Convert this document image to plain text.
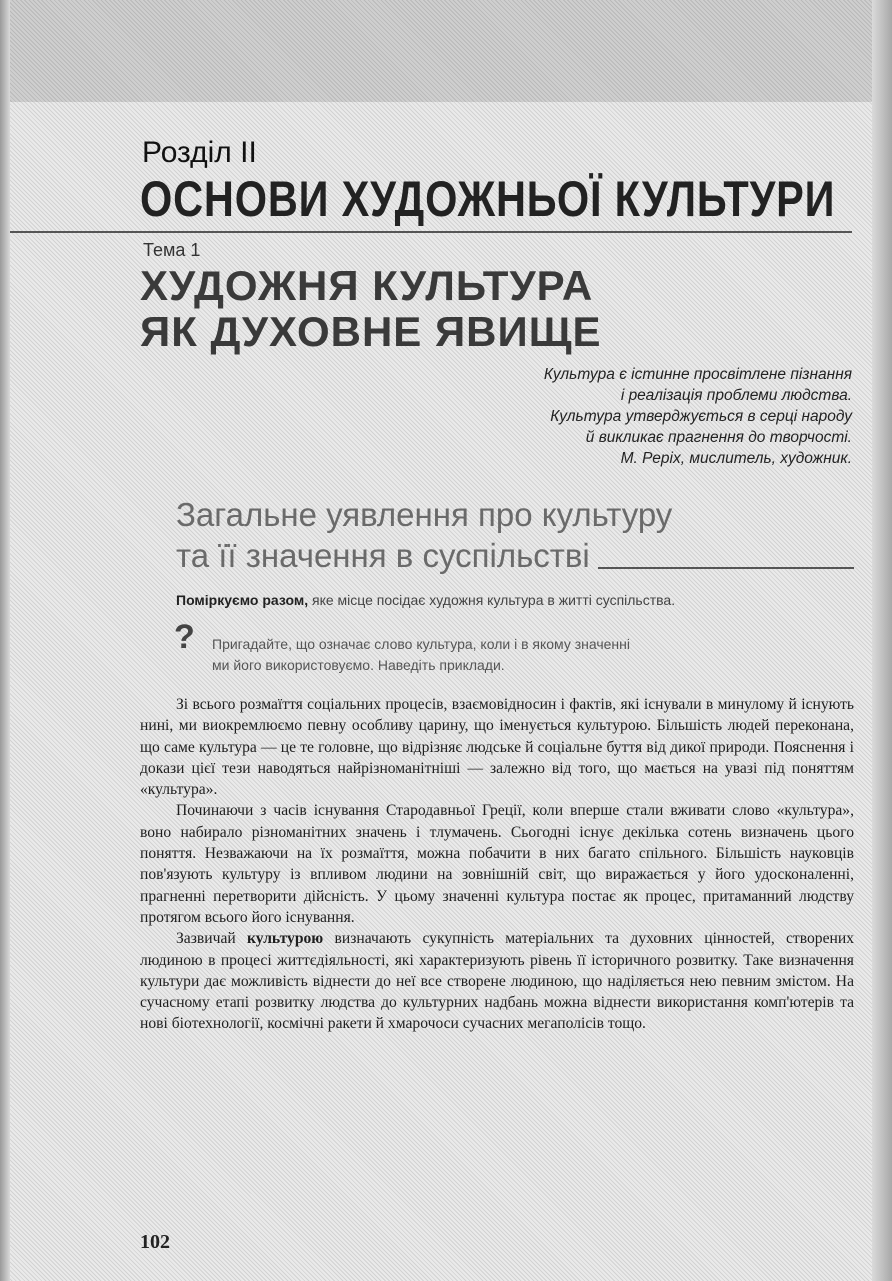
Розділ II
ОСНОВИ ХУДОЖНЬОЇ КУЛЬТУРИ
Тема 1
ХУДОЖНЯ КУЛЬТУРА
ЯК ДУХОВНЕ ЯВИЩЕ
Культура є істинне просвітлене пізнання
і реалізація проблеми людства.
Культура утверджується в серці народу
й викликає прагнення до творчості.
М. Реріх, мислитель, художник.
Загальне уявлення про культуру
та її значення в суспільстві
Поміркуємо разом, яке місце посідає художня культура в житті суспільства.
? Пригадайте, що означає слово культура, коли і в якому значенні
ми його використовуємо. Наведіть приклади.

Зі всього розмаїття соціальних процесів, взаємовідносин і фактів, які існували в минулому й існують нині, ми виокремлюємо певну особливу царину, що іменується культурою. Більшість людей переконана, що саме культура — це те головне, що відрізняє людське й соціальне буття від дикої природи. Пояснення і докази цієї тези наводяться найрізноманітніші — залежно від того, що мається на увазі під поняттям «культура».

Починаючи з часів існування Стародавньої Греції, коли вперше стали вживати слово «культура», воно набирало різноманітних значень і тлумачень. Сьогодні існує декілька сотень визначень цього поняття. Незважаючи на їх розмаїття, можна побачити в них багато спільного. Більшість науковців пов'язують культуру із впливом людини на зовнішній світ, що виражається у його удосконаленні, прагненні перетворити дійсність. У цьому значенні культура постає як процес, притаманний людству протягом всього його існування.

Зазвичай культурою визначають сукупність матеріальних та духовних цінностей, створених людиною в процесі життєдіяльності, які характеризують рівень її історичного розвитку. Таке визначення культури дає можливість віднести до неї все створене людиною, що наділяється нею певним змістом. На сучасному етапі розвитку людства до культурних надбань можна віднести використання комп'ютерів та нові біотехнології, космічні ракети й хмарочоси сучасних мегаполісів тощо.

102
